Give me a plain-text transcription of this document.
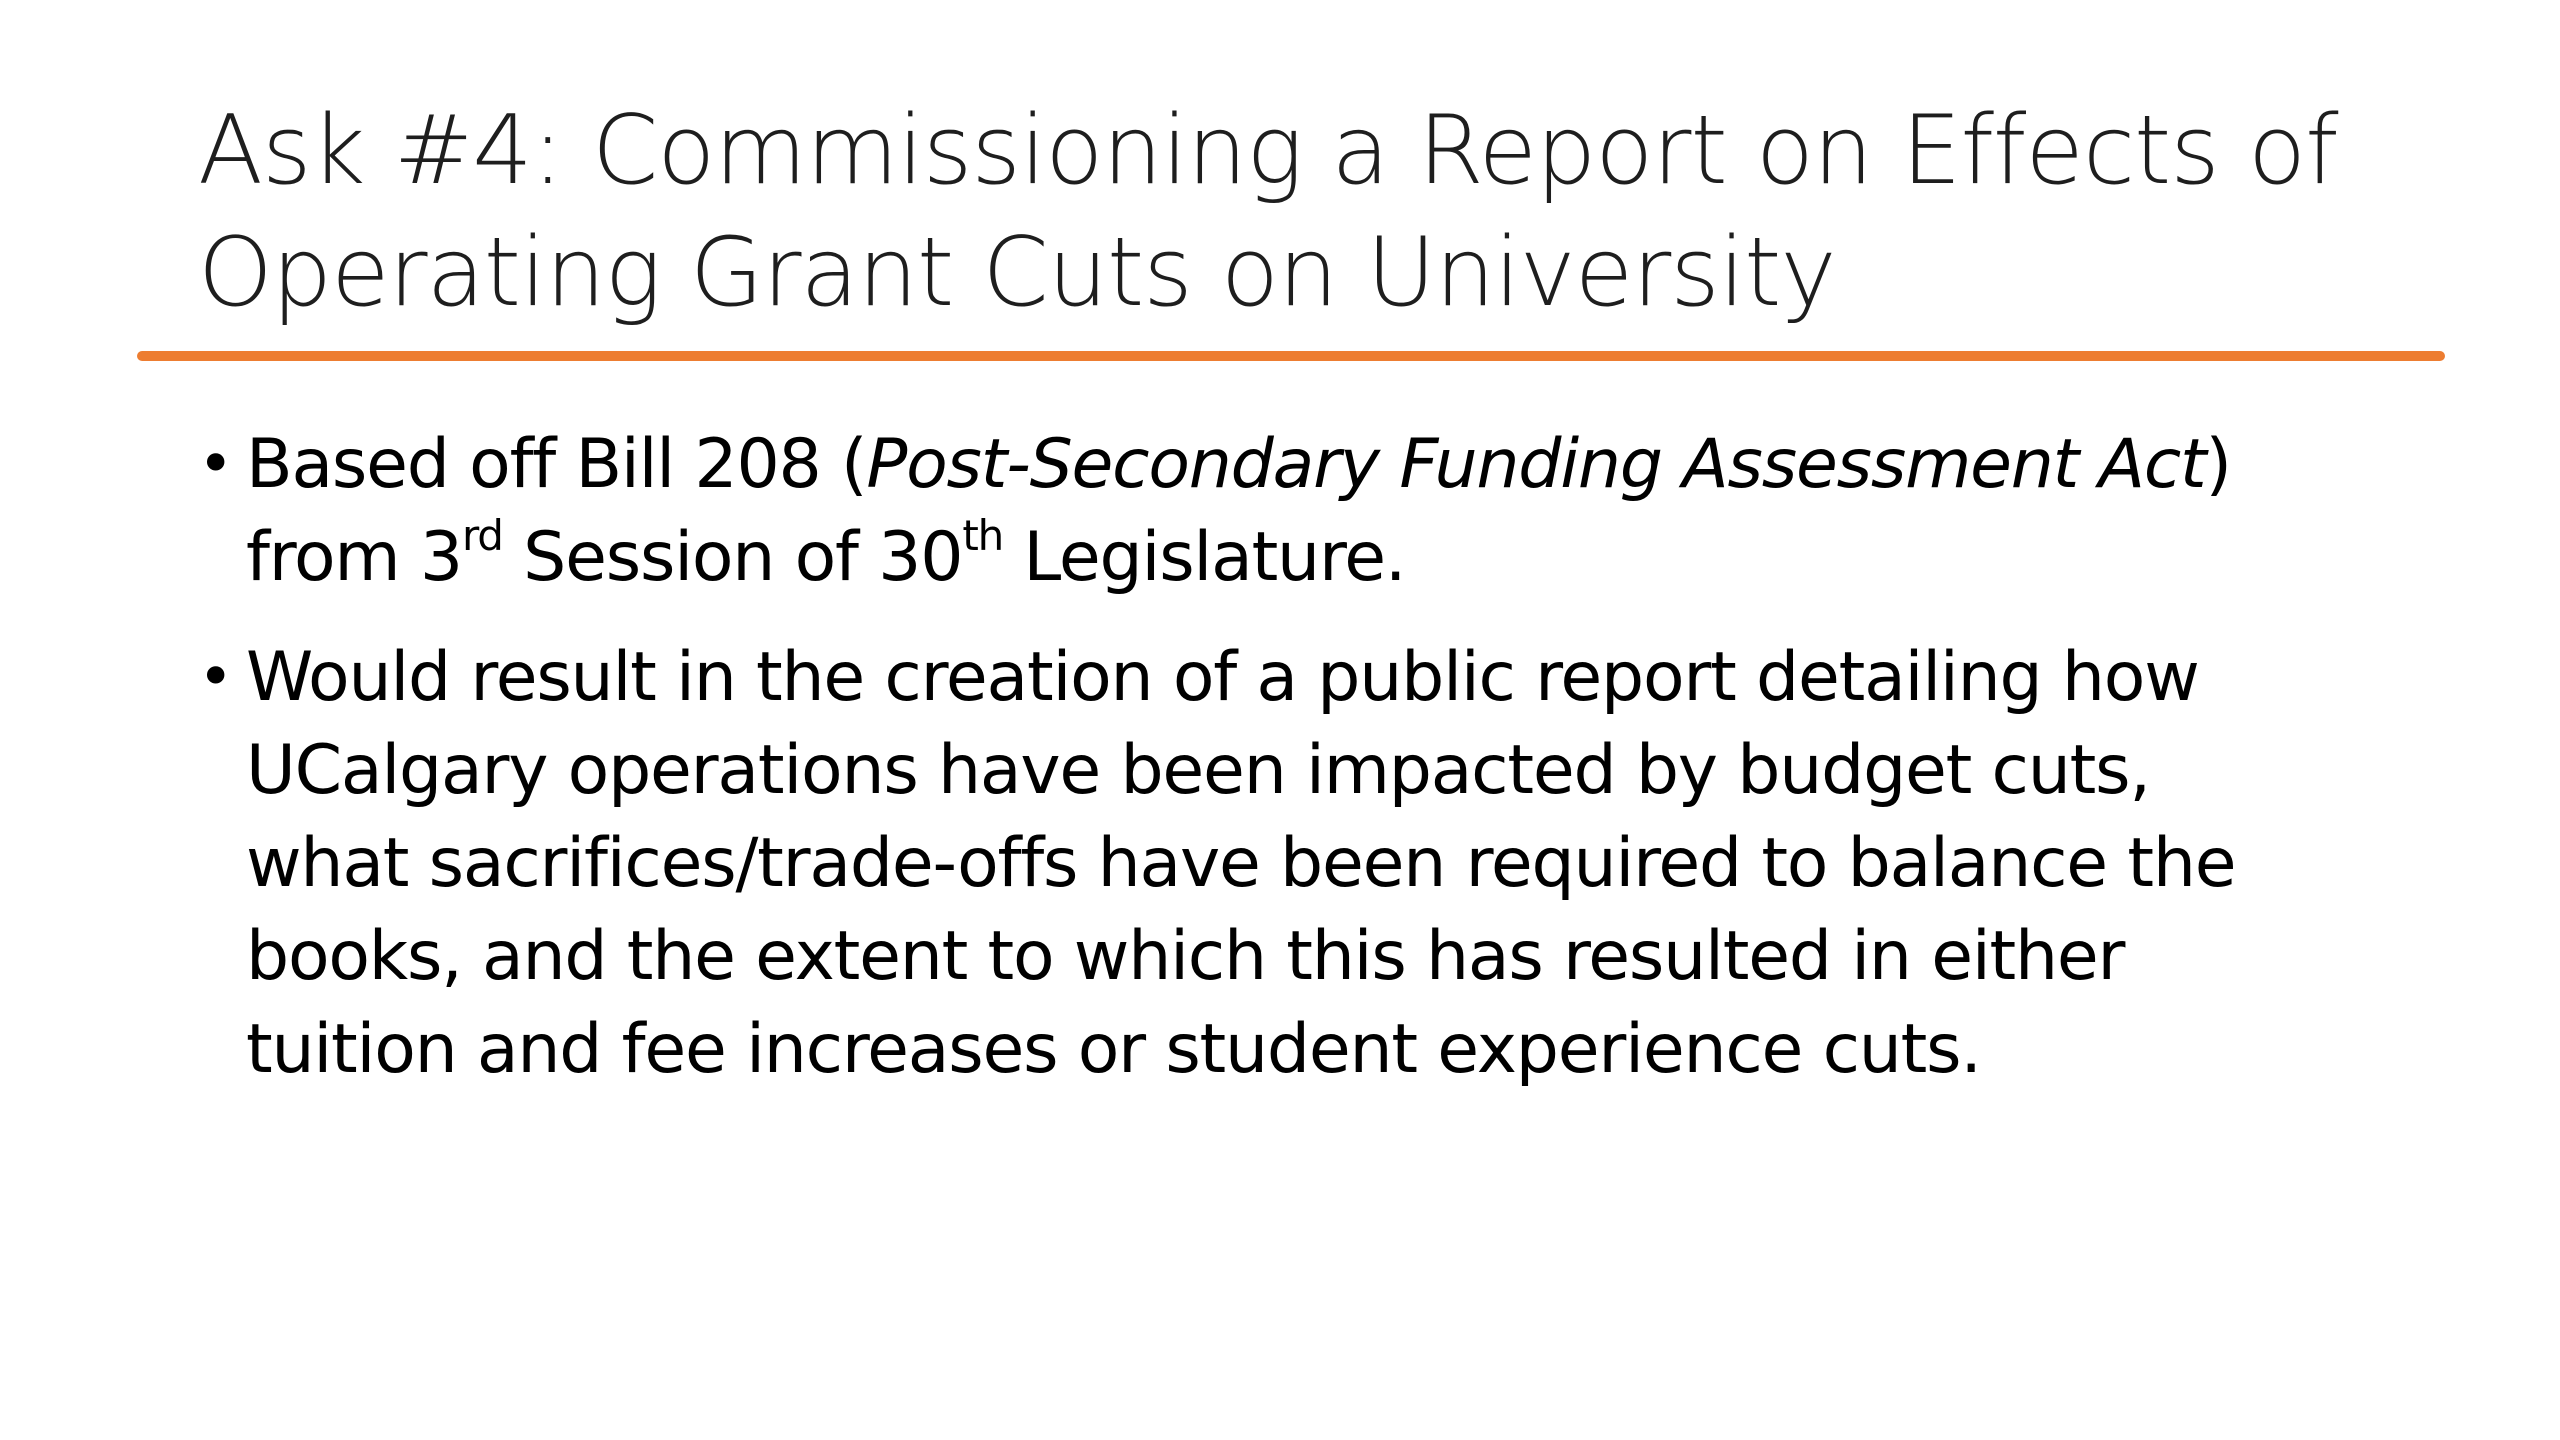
Ask #4: Commissioning a Report on Effects of
Operating Grant Cuts on University
• Based off Bill 208 (Post-Secondary Funding Assessment Act)
from 3rd Session of 30th Legislature.
• Would result in the creation of a public report detailing how
UCalgary operations have been impacted by budget cuts,
what sacrifices/trade-offs have been required to balance the
books, and the extent to which this has resulted in either
tuition and fee increases or student experience cuts.
